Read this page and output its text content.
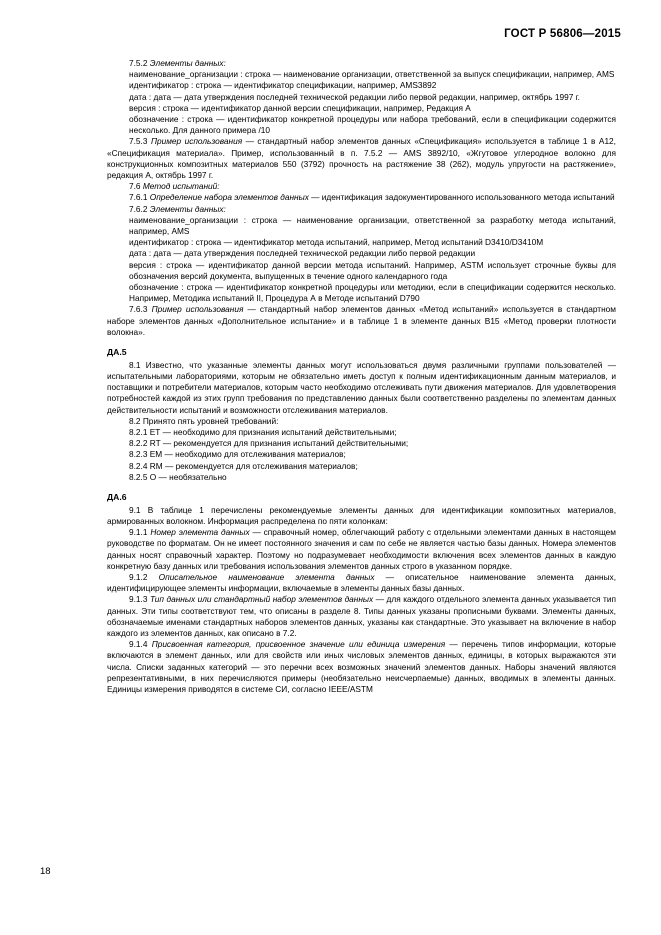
ГОСТ Р 56806—2015

7.5.2 Элементы данных:

наименование_организации : строка — наименование организации, ответственной за выпуск спецификации, например, AMS

идентификатор : строка — идентификатор спецификации, например, AMS3892

дата : дата — дата утверждения последней технической редакции либо первой редакции, например, октябрь 1997 г.

версия : строка — идентификатор данной версии спецификации, например, Редакция А

обозначение : строка — идентификатор конкретной процедуры или набора требований, если в спецификации содержится несколько. Для данного примера /10

7.5.3 Пример использования — стандартный набор элементов данных «Спецификация» используется в таблице 1 в А12, «Спецификация материала». Пример, использованный в п. 7.5.2 — AMS 3892/10, «Жгутовое углеродное волокно для конструкционных композитных материалов 550 (3792) прочность на растяжение 38 (262), модуль упругости на растяжение», редакция А, октябрь 1997 г.

7.6 Метод испытаний:

7.6.1 Определение набора элементов данных — идентификация задокументированного использованного метода испытаний

7.6.2 Элементы данных:

наименование_организации : строка — наименование организации, ответственной за разработку метода испытаний, например, AMS

идентификатор : строка — идентификатор метода испытаний, например, Метод испытаний D3410/D3410M

дата : дата — дата утверждения последней технической редакции либо первой редакции

версия : строка — идентификатор данной версии метода испытаний. Например, ASTM использует строчные буквы для обозначения версий документа, выпущенных в течение одного календарного года

обозначение : строка — идентификатор конкретной процедуры или методики, если в спецификации содержится несколько. Например, Методика испытаний II, Процедура А в Методе испытаний D790

7.6.3 Пример использования — стандартный набор элементов данных «Метод испытаний» используется в стандартном наборе элементов данных «Дополнительное испытание» и в таблице 1 в элементе данных В15 «Метод проверки плотности волокна».

ДА.5

8.1 Известно, что указанные элементы данных могут использоваться двумя различными группами пользователей — испытательными лабораториями, которым не обязательно иметь доступ к полным идентификационным данным материалов, и поставщики и потребители материалов, которым часто необходимо отслеживать пути движения материалов. Для удовлетворения потребностей каждой из этих групп требования по представлению данных были соответственно разделены по элементам данных действительности испытаний и возможности отслеживания материалов.

8.2 Принято пять уровней требований:

8.2.1 ЕТ — необходимо для признания испытаний действительными;

8.2.2 RT — рекомендуется для признания испытаний действительными;

8.2.3 ЕМ — необходимо для отслеживания материалов;

8.2.4 RM — рекомендуется для отслеживания материалов;

8.2.5 О — необязательно

ДА.6

9.1 В таблице 1 перечислены рекомендуемые элементы данных для идентификации композитных материалов, армированных волокном. Информация распределена по пяти колонкам:

9.1.1 Номер элемента данных — справочный номер, облегчающий работу с отдельными элементами данных в настоящем руководстве по форматам. Он не имеет постоянного значения и сам по себе не является частью базы данных. Номера элементов данных носят справочный характер. Поэтому но подразумевает необходимости включения всех элементов данных в каждую конкретную базу данных или требования использования элементов данных строго в указанном порядке.

9.1.2 Описательное наименование элемента данных — описательное наименование элемента данных, идентифицирующее элементы информации, включаемые в элементы данных базы данных.

9.1.3 Тип данных или стандартный набор элементов данных — для каждого отдельного элемента данных указывается тип данных. Эти типы соответствуют тем, что описаны в разделе 8. Типы данных указаны прописными буквами. Элементы данных, обозначаемые именами стандартных наборов элементов данных, указаны как стандартные. Это указывает на включение в набор каждого из элементов данных, как описано в 7.2.

9.1.4 Присвоенная категория, присвоенное значение или единица измерения — перечень типов информации, которые включаются в элемент данных, или для свойств или иных числовых элементов данных, единицы, в которых выражаются эти числа. Списки заданных категорий — это перечни всех возможных значений элементов данных. Наборы значений являются репрезентативными, в них перечисляются примеры (необязательно неисчерпаемые) данных, вводимых в элементы данных. Единицы измерения приводятся в системе СИ, согласно IEEE/ASTM

18
